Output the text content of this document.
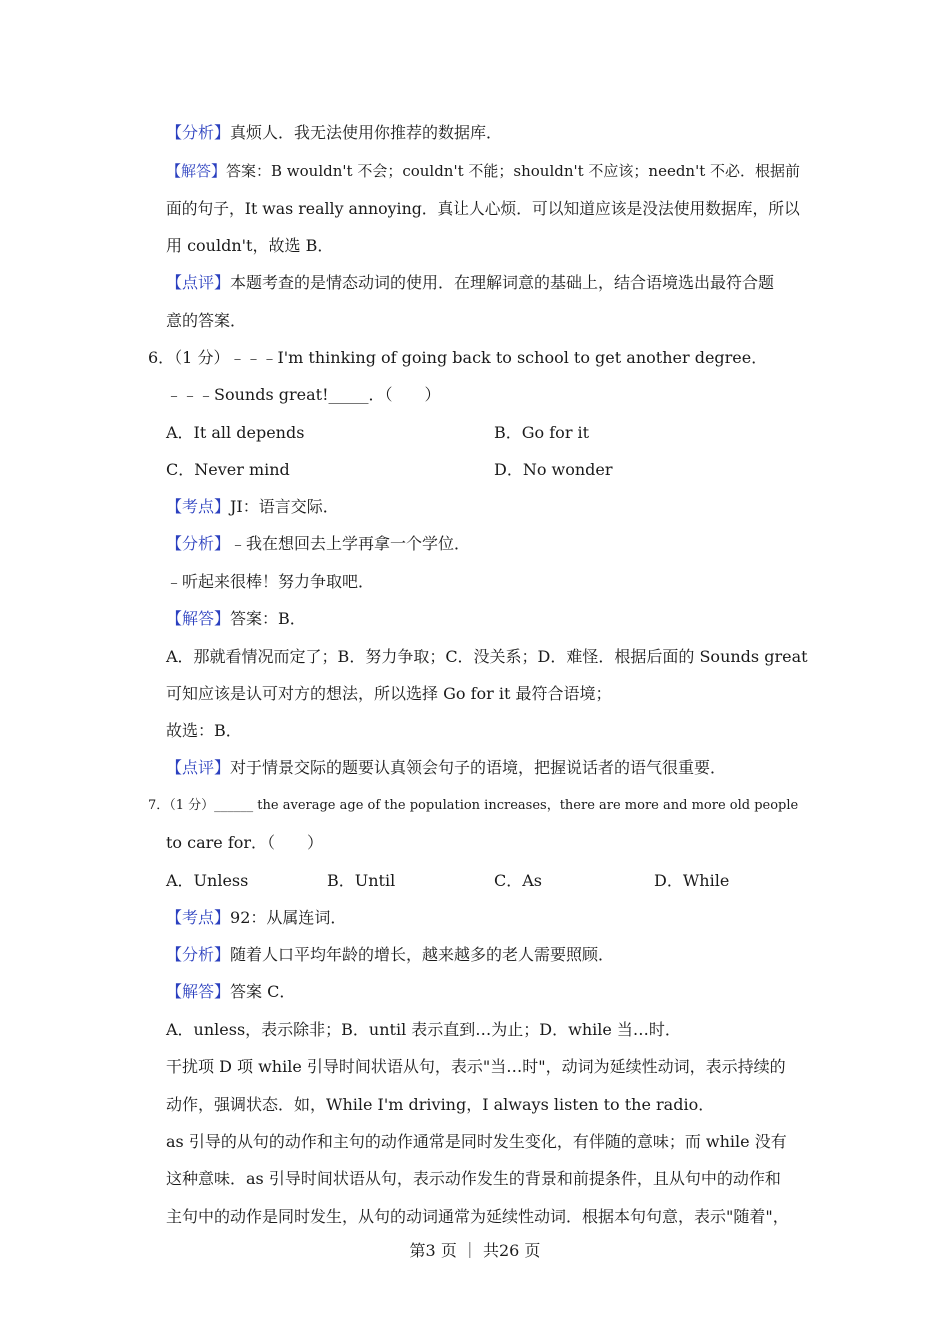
【分析】真烦人．我无法使用你推荐的数据库．
【解答】答案：B wouldn't 不会；couldn't 不能；shouldn't 不应该；needn't 不必．根据前
面的句子，It was really annoying．真让人心烦．可以知道应该是没法使用数据库，所以
用 couldn't，故选 B．
【点评】本题考查的是情态动词的使用．在理解词意的基础上，结合语境选出最符合题
意的答案．
6．（1 分）﹣﹣﹣I'm thinking of going back to school to get another degree．
﹣﹣﹣Sounds great!_____．（　　）
A．It all depends	B．Go for it
C．Never mind	D．No wonder
【考点】JI：语言交际．
【分析】﹣我在想回去上学再拿一个学位．
﹣听起来很棒！努力争取吧．
【解答】答案：B．
A．那就看情况而定了；B．努力争取；C．没关系；D．难怪．根据后面的 Sounds great
可知应该是认可对方的想法，所以选择 Go for it 最符合语境；
故选：B．
【点评】对于情景交际的题要认真领会句子的语境，把握说话者的语气很重要．
7．（1 分）______ the average age of the population increases，there are more and more old people
to care for．（　　）
A．Unless	B．Until	C．As	D．While
【考点】92：从属连词．
【分析】随着人口平均年龄的增长，越来越多的老人需要照顾．
【解答】答案 C．
A．unless，表示除非；B．until 表示直到…为止；D．while 当…时．
干扰项 D 项 while 引导时间状语从句，表示"当…时"，动词为延续性动词，表示持续的
动作，强调状态．如，While I'm driving，I always listen to the radio．
as 引导的从句的动作和主句的动作通常是同时发生变化，有伴随的意味；而 while 没有
这种意味．as 引导时间状语从句，表示动作发生的背景和前提条件，且从句中的动作和
主句中的动作是同时发生，从句的动词通常为延续性动词．根据本句句意，表示"随着"，
第3 页 ｜ 共26 页
